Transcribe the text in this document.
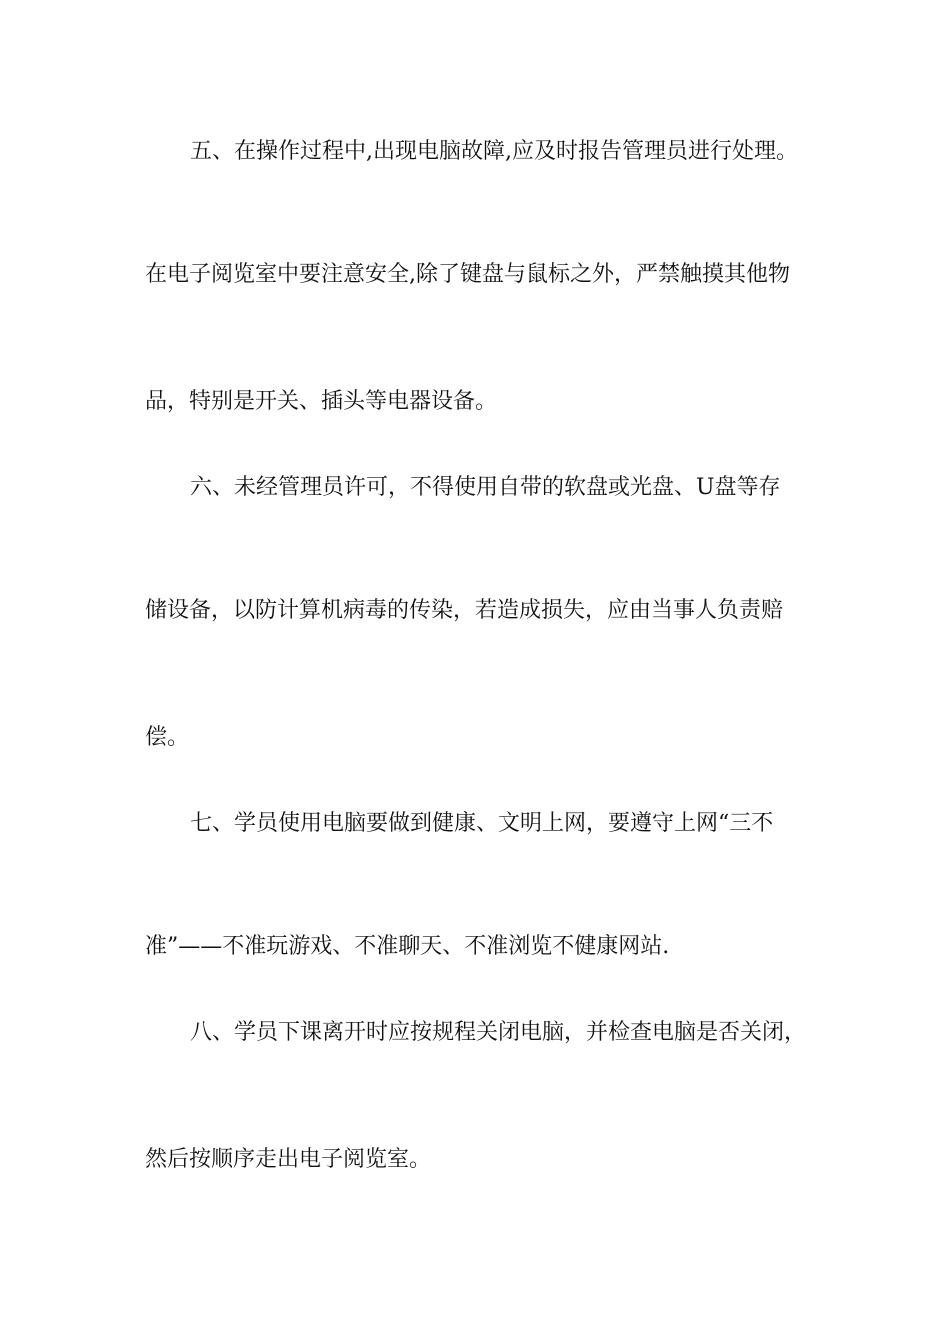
五、在操作过程中,出现电脑故障,应及时报告管理员进行处理。
在电子阅览室中要注意安全,除了键盘与鼠标之外，严禁触摸其他物
品，特别是开关、插头等电器设备。
六、未经管理员许可，不得使用自带的软盘或光盘、U盘等存
储设备，以防计算机病毒的传染，若造成损失，应由当事人负责赔
偿。
七、学员使用电脑要做到健康、文明上网，要遵守上网“三不
准”——不准玩游戏、不准聊天、不准浏览不健康网站.
八、学员下课离开时应按规程关闭电脑，并检查电脑是否关闭，
然后按顺序走出电子阅览室。
